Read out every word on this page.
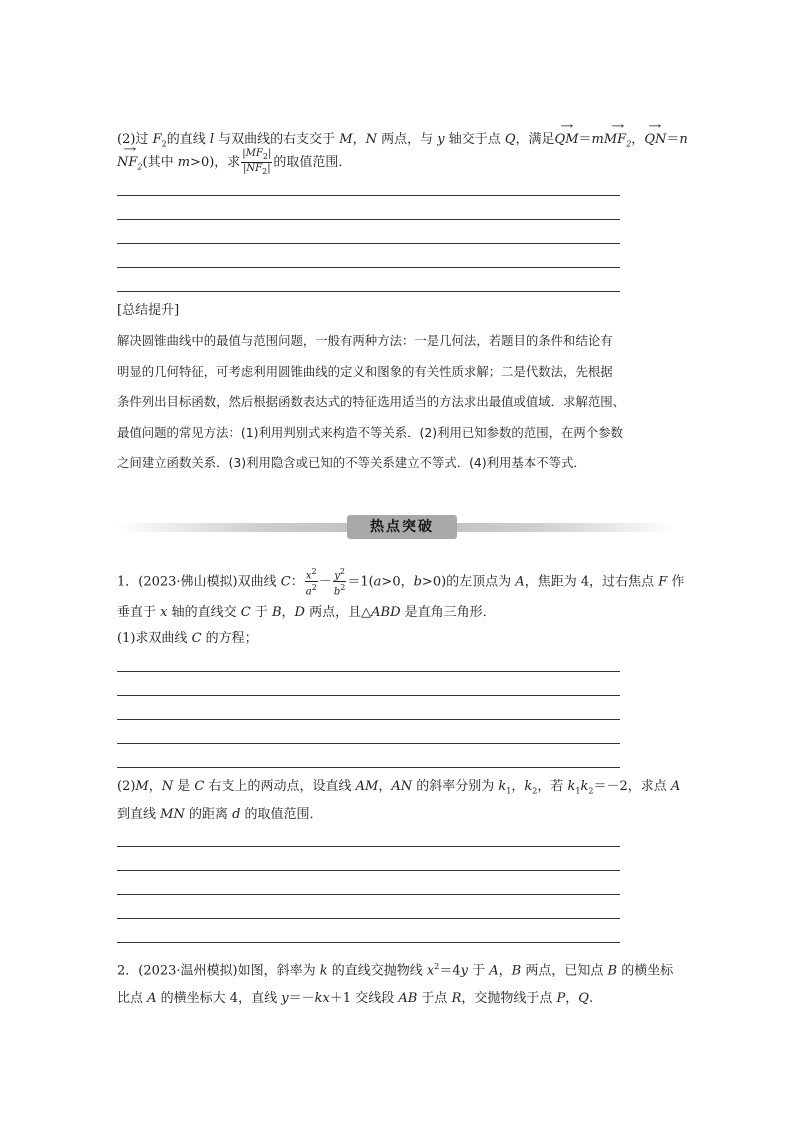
(2)过 $F_2$的直线 l 与双曲线的右支交于 M，N 两点，与 y 轴交于点 Q，满足→ $QM=m\to MF_2$，→ QN＝n
→ $NF_2$(其中 m>0)，求 $\frac{|MF_2|}{|NF_2|}$ 的取值范围．
[总结提升]
解决圆锥曲线中的最值与范围问题，一般有两种方法：一是几何法，若题目的条件和结论有
明显的几何特征，可考虑利用圆锥曲线的定义和图象的有关性质求解；二是代数法，先根据
条件列出目标函数，然后根据函数表达式的特征选用适当的方法求出最值或值域．求解范围、
最值问题的常见方法：(1)利用判别式来构造不等关系．(2)利用已知参数的范围，在两个参数
之间建立函数关系．(3)利用隐含或已知的不等关系建立不等式．(4)利用基本不等式．
热点突破
1．(2023·佛山模拟)双曲线 C： $\frac{x^2}{a^2} - \frac{y^2}{b^2} =1(a>0$，b>0)的左顶点为 A，焦距为 4，过右焦点 F 作
垂直于 x 轴的直线交 C 于 B，D 两点，且△ABD 是直角三角形．
(1)求双曲线 C 的方程；
(2)M，N 是 C 右支上的两动点，设直线 AM，AN 的斜率分别为 $k_1$，$k_2$，若 $k_1k_2=-2$，求点 A
到直线 MN 的距离 d 的取值范围．
2．(2023·温州模拟)如图，斜率为 k 的直线交抛物线 $x^2=4y$ 于 A，B 两点，已知点 B 的横坐标
比点 A 的横坐标大 4，直线 y＝－kx＋1 交线段 AB 于点 R，交抛物线于点 P，Q.
